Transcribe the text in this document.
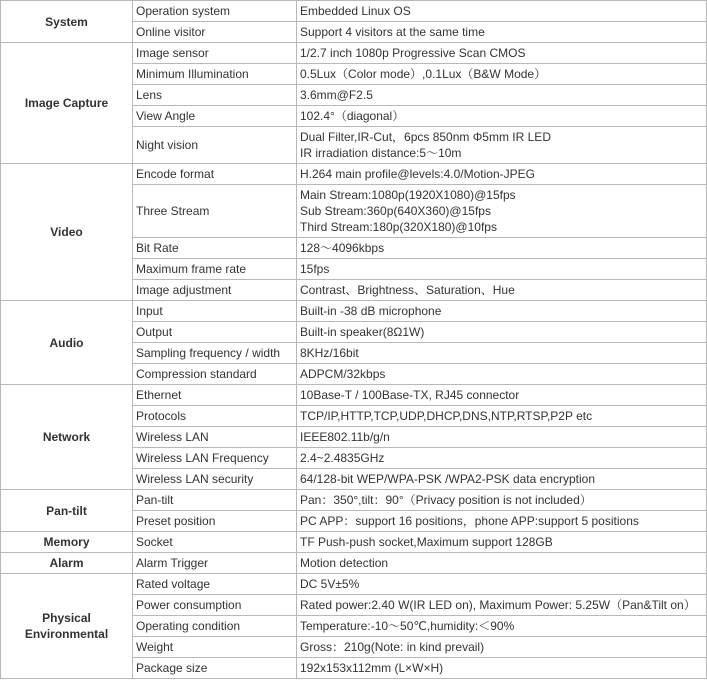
System	Operation system	Embedded Linux OS
	Online visitor	Support 4 visitors at the same time

Image Capture	Image sensor	1/2.7 inch 1080p Progressive Scan CMOS
	Minimum Illumination	0.5Lux（Color mode）,0.1Lux（B&W Mode）
	Lens	3.6mm@F2.5
	View Angle	102.4°（diagonal）
	Night vision	Dual Filter,IR-Cut，6pcs 850nm Φ5mm IR LED
IR irradiation distance:5～10m

Video	Encode format	H.264 main profile@levels:4.0/Motion-JPEG
	Three Stream	Main Stream:1080p(1920X1080)@15fps
Sub Stream:360p(640X360)@15fps
Third Stream:180p(320X180)@10fps

	Bit Rate	128～4096kbps
	Maximum frame rate	15fps
	Image adjustment	Contrast、Brightness、Saturation、Hue

Audio	Input	Built-in -38 dB microphone
	Output	Built-in speaker(8Ω1W)
	Sampling frequency / width	8KHz/16bit
	Compression standard	ADPCM/32kbps

Network	Ethernet	10Base-T / 100Base-TX, RJ45 connector
	Protocols	TCP/IP,HTTP,TCP,UDP,DHCP,DNS,NTP,RTSP,P2P etc
	Wireless LAN	IEEE802.11b/g/n
	Wireless LAN Frequency	2.4~2.4835GHz
	Wireless LAN security	64/128-bit WEP/WPA-PSK /WPA2-PSK data encryption

Pan-tilt	Pan-tilt	Pan：350°,tilt：90°（Privacy position is not included）
	Preset position	PC APP：support 16 positions，phone APP:support 5 positions

Memory	Socket	TF Push-push socket,Maximum support 128GB

Alarm	Alarm Trigger	Motion detection

Physical
Environmental	Rated voltage	DC 5V±5%
	Power consumption	Rated power:2.40 W(IR LED on), Maximum Power: 5.25W（Pan&Tilt on）
	Operating condition	Temperature:-10～50℃,humidity:＜90%
	Weight	Gross：210g(Note: in kind prevail)
	Package size	192x153x112mm (L×W×H)
